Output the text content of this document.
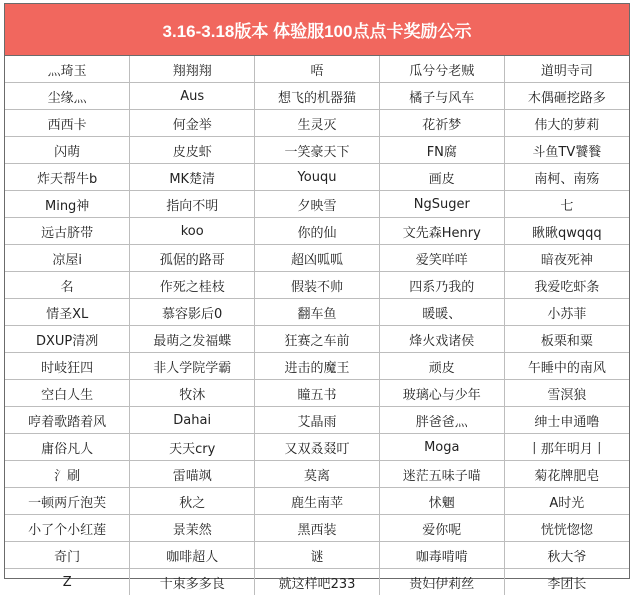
3.16-3.18版本 体验服100点点卡奖励公示
灬琦玉	翔翔翔	唔	瓜兮兮老贼	道明寺司
尘缘灬	Aus	想飞的机器猫	橘子与风车	木偶砸挖路多
西西卡	何金举	生灵灭	花祈梦	伟大的萝莉
闪萌	皮皮虾	一笑豪天下	FN腐	斗鱼TV饕餮
炸天帮牛b	MK楚清	Youqu	画皮	南柯、南殇
Ming神	指向不明	夕映雪	NgSuger	七
远古脐带	koo	你的仙	文先森Henry	瞅瞅qwqqq
凉屋i	孤倨的路哥	超凶呱呱	爱笑咩咩	暗夜死神
名	作死之桂枝	假装不帅	四系乃我的	我爱吃虾条
情圣XL	慕容影后0	翻车鱼	暖暖、	小苏菲
DXUP清冽	最萌之发福蝶	狂赛之车前	烽火戏诸侯	板栗和粟
时岐狂四	非人学院学霸	进击的魔王	顽皮	午睡中的南风
空白人生	牧沐	瞳五书	玻璃心与少年	雪溟狼
哼着歌踏着风	Dahai	艾晶雨	胖爸爸灬	绅士申通噜
庸俗凡人	天天cry	又双叒叕叮	Moga	丨那年明月丨
氵刷	雷喵飒	莫离	迷茫五味子喵	菊花牌肥皂
一顿两斤泡芙	秋之	鹿生南苹	怵魍	A时光
小了个小红莲	景茉然	黑西装	爱你呢	恍恍惚惚
奇门	咖啡超人	谜	咖毒啃啃	秋大爷
Z	十束多多良	就这样吧233	贵妇伊莉丝	李团长
